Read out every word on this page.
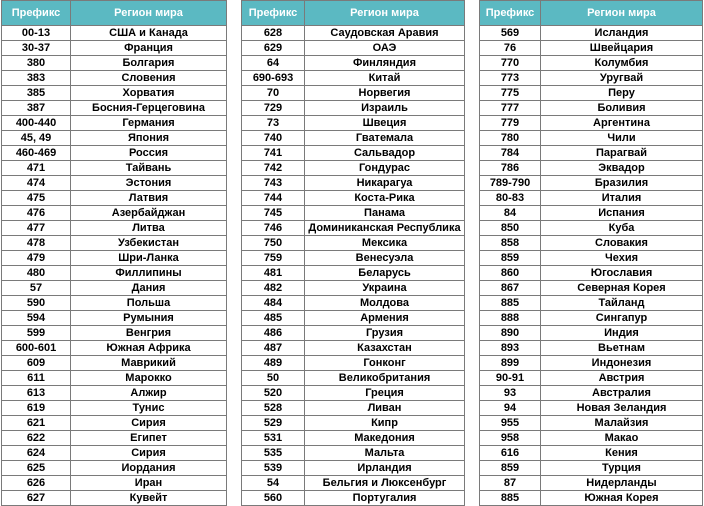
Префикс	Регион мира
00-13	США и Канада
30-37	Франция
380	Болгария
383	Словения
385	Хорватия
387	Босния-Герцеговина
400-440	Германия
45, 49	Япония
460-469	Россия
471	Тайвань
474	Эстония
475	Латвия
476	Азербайджан
477	Литва
478	Узбекистан
479	Шри-Ланка
480	Филлипины
57	Дания
590	Польша
594	Румыния
599	Венгрия
600-601	Южная Африка
609	Маврикий
611	Марокко
613	Алжир
619	Тунис
621	Сирия
622	Египет
624	Сирия
625	Иордания
626	Иран
627	Кувейт
Префикс	Регион мира
628	Саудовская Аравия
629	ОАЭ
64	Финляндия
690-693	Китай
70	Норвегия
729	Израиль
73	Швеция
740	Гватемала
741	Сальвадор
742	Гондурас
743	Никарагуа
744	Коста-Рика
745	Панама
746	Доминиканская Республика
750	Мексика
759	Венесуэла
481	Беларусь
482	Украина
484	Молдова
485	Армения
486	Грузия
487	Казахстан
489	Гонконг
50	Великобритания
520	Греция
528	Ливан
529	Кипр
531	Македония
535	Мальта
539	Ирландия
54	Бельгия и Люксенбург
560	Португалия
Префикс	Регион мира
569	Исландия
76	Швейцария
770	Колумбия
773	Уругвай
775	Перу
777	Боливия
779	Аргентина
780	Чили
784	Парагвай
786	Эквадор
789-790	Бразилия
80-83	Италия
84	Испания
850	Куба
858	Словакия
859	Чехия
860	Югославия
867	Северная Корея
885	Тайланд
888	Сингапур
890	Индия
893	Вьетнам
899	Индонезия
90-91	Австрия
93	Австралия
94	Новая Зеландия
955	Малайзия
958	Макао
616	Кения
859	Турция
87	Нидерланды
885	Южная Корея
